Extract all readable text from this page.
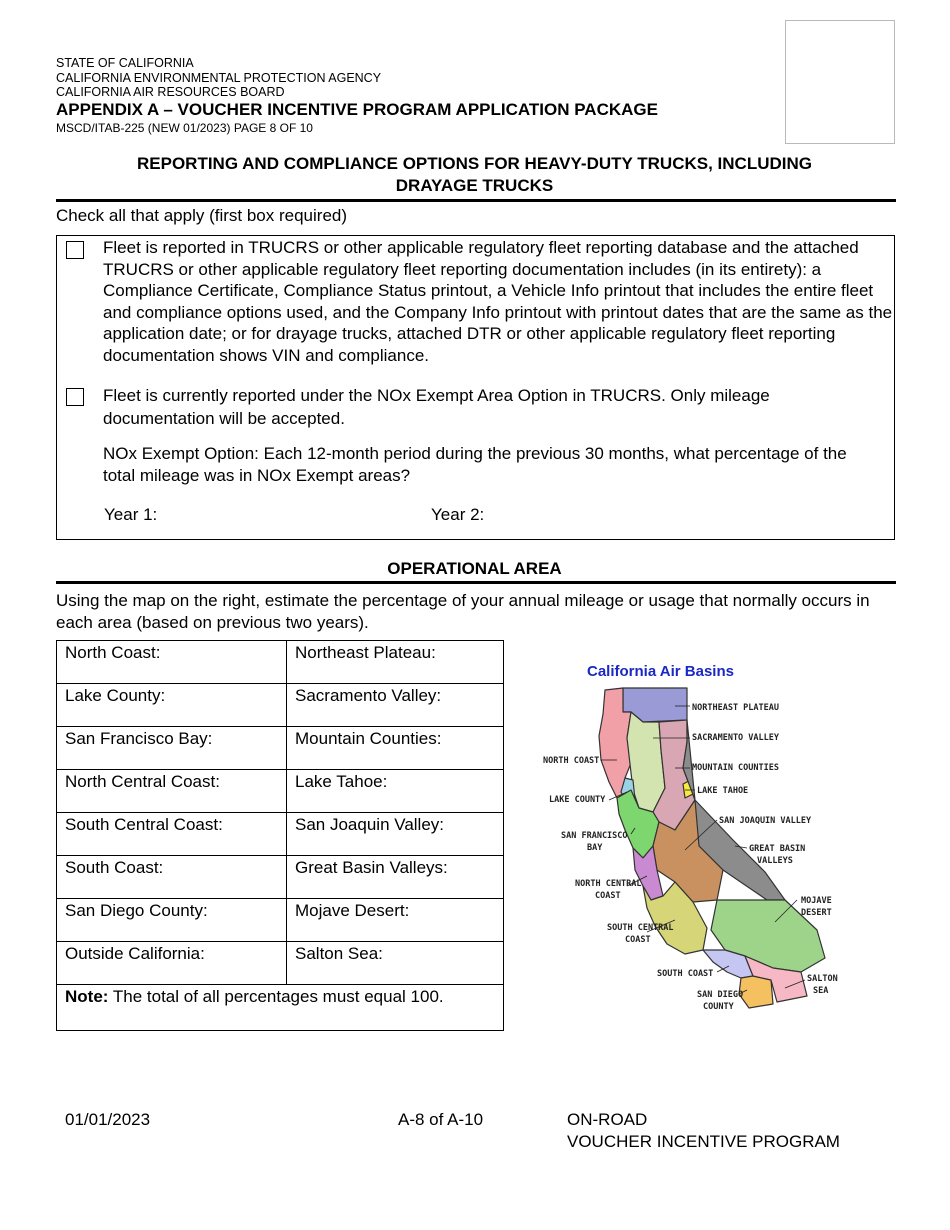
STATE OF CALIFORNIA
CALIFORNIA ENVIRONMENTAL PROTECTION AGENCY
CALIFORNIA AIR RESOURCES BOARD
APPENDIX A – VOUCHER INCENTIVE PROGRAM APPLICATION PACKAGE
MSCD/ITAB-225 (NEW 01/2023) PAGE 8 OF 10
REPORTING AND COMPLIANCE OPTIONS FOR HEAVY-DUTY TRUCKS, INCLUDING
DRAYAGE TRUCKS
Check all that apply (first box required)
Fleet is reported in TRUCRS or other applicable regulatory fleet reporting database and the attached TRUCRS or other applicable regulatory fleet reporting documentation includes (in its entirety): a Compliance Certificate, Compliance Status printout, a Vehicle Info printout that includes the entire fleet and compliance options used, and the Company Info printout with printout dates that are the same as the application date; or for drayage trucks, attached DTR or other applicable regulatory fleet reporting documentation shows VIN and compliance.
Fleet is currently reported under the NOx Exempt Area Option in TRUCRS. Only mileage documentation will be accepted.
NOx Exempt Option: Each 12-month period during the previous 30 months, what percentage of the total mileage was in NOx Exempt areas?
Year 1:	Year 2:
OPERATIONAL AREA
Using the map on the right, estimate the percentage of your annual mileage or usage that normally occurs in each area (based on previous two years).
North Coast:	Northeast Plateau:
Lake County:	Sacramento Valley:
San Francisco Bay:	Mountain Counties:
North Central Coast:	Lake Tahoe:
South Central Coast:	San Joaquin Valley:
South Coast:	Great Basin Valleys:
San Diego County:	Mojave Desert:
Outside California:	Salton Sea:
Note: The total of all percentages must equal 100.	
California Air Basins
NORTHEAST PLATEAU
SACRAMENTO VALLEY
MOUNTAIN COUNTIES
LAKE TAHOE
SAN JOAQUIN VALLEY
GREAT BASIN
VALLEYS
MOJAVE
DESERT
SALTON
SEA
NORTH COAST
LAKE COUNTY
SAN FRANCISCO
BAY
NORTH CENTRAL
COAST
SOUTH CENTRAL
COAST
SOUTH COAST
SAN DIEGO
COUNTY
01/01/2023	A-8 of A-10	ON-ROAD
VOUCHER INCENTIVE PROGRAM
